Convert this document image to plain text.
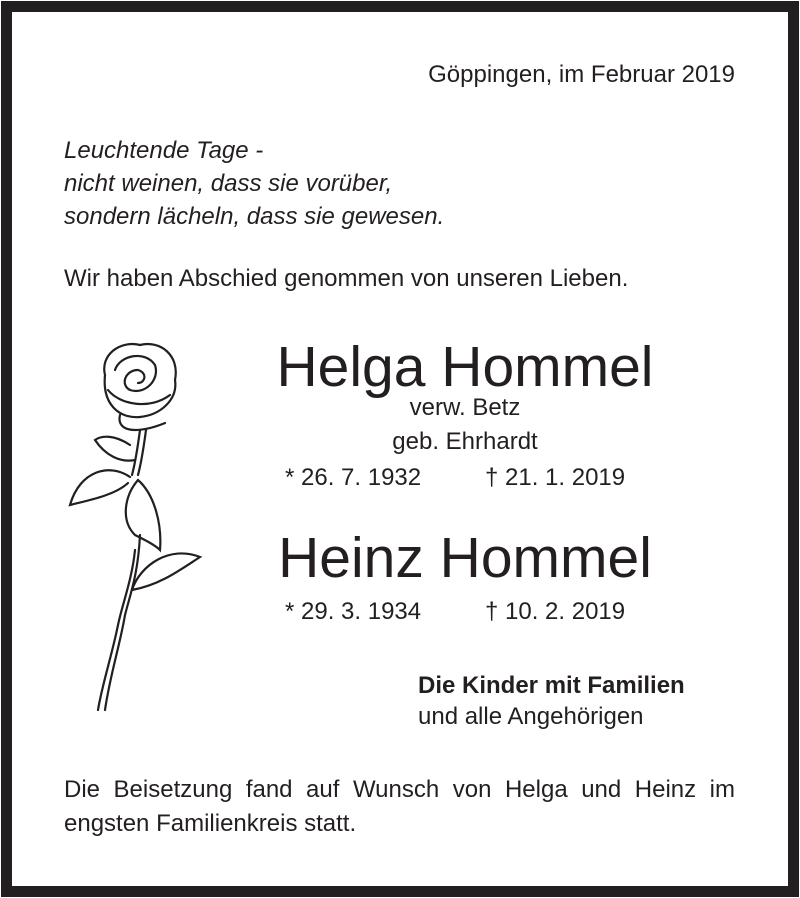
Göppingen, im Februar 2019
Leuchtende Tage -
nicht weinen, dass sie vorüber,
sondern lächeln, dass sie gewesen.
Wir haben Abschied genommen von unseren Lieben.
Helga Hommel
verw. Betz
geb. Ehrhardt
* 26. 7. 1932	† 21. 1. 2019
Heinz Hommel
* 29. 3. 1934	† 10. 2. 2019
Die Kinder mit Familien
und alle Angehörigen
Die Beisetzung fand auf Wunsch von Helga und Heinz im engsten Familienkreis statt.
